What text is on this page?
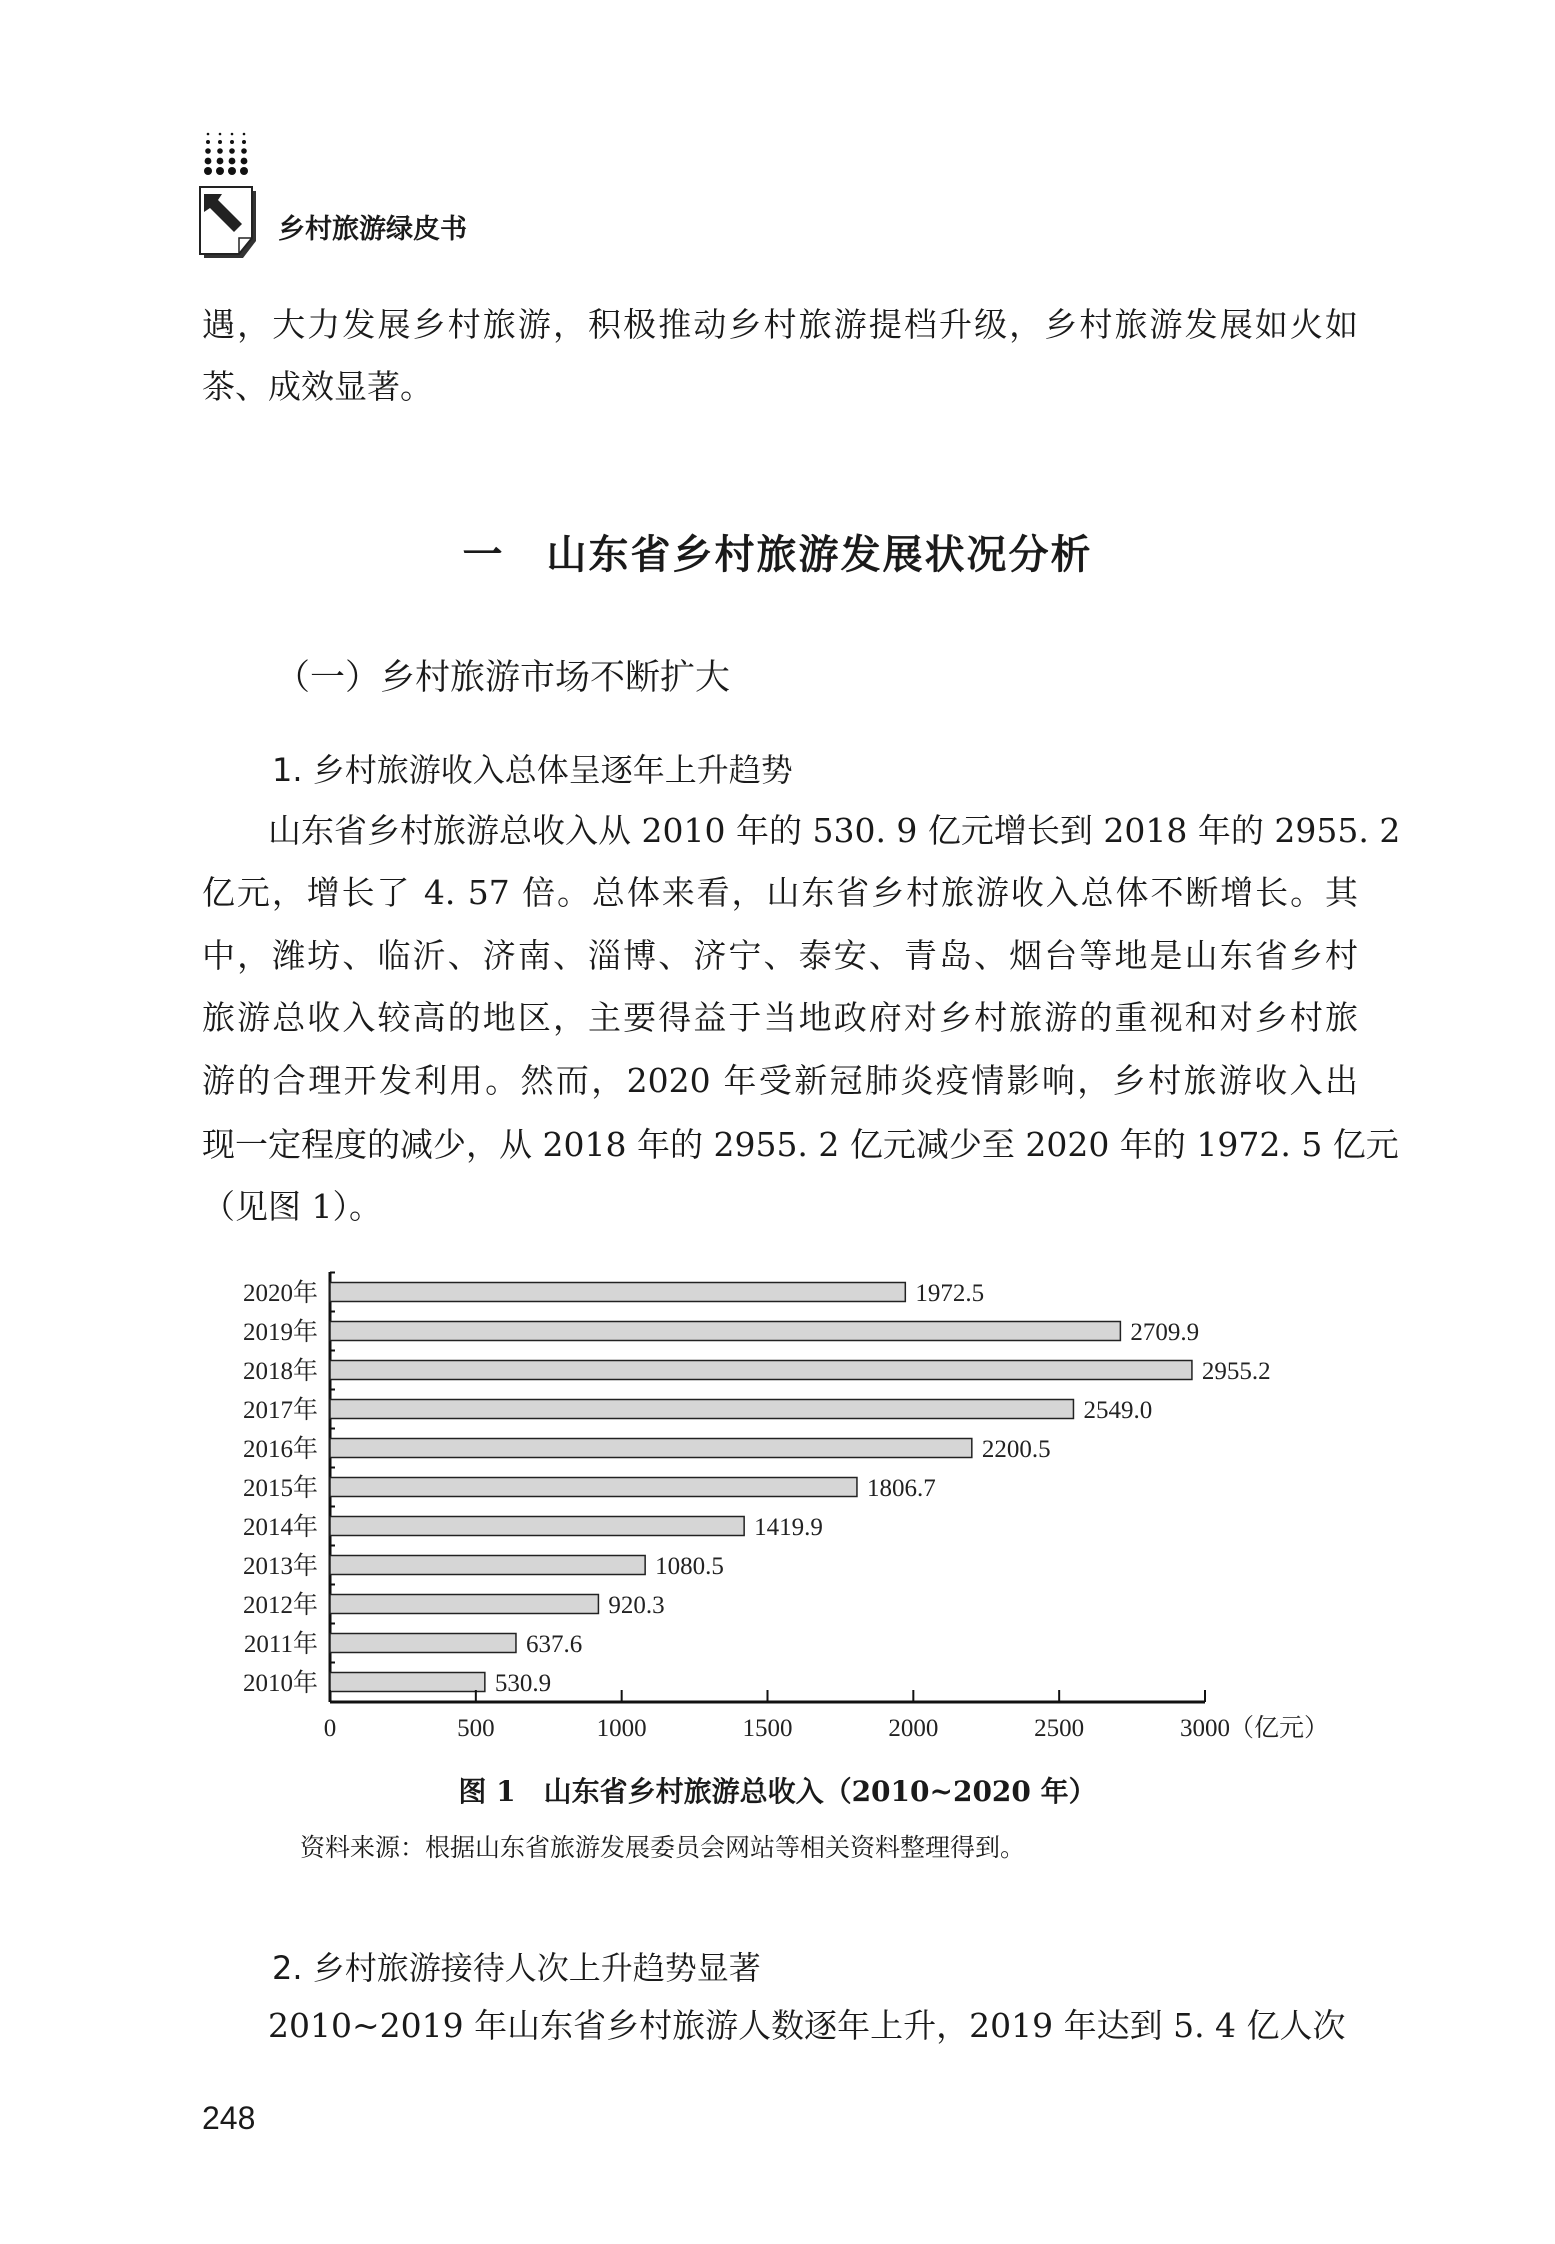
乡村旅游绿皮书
遇，大力发展乡村旅游，积极推动乡村旅游提档升级，乡村旅游发展如火如
茶、成效显著。
一　山东省乡村旅游发展状况分析
（一）乡村旅游市场不断扩大
1. 乡村旅游收入总体呈逐年上升趋势
　　山东省乡村旅游总收入从 2010 年的 530. 9 亿元增长到 2018 年的 2955. 2
亿元，增长了 4. 57 倍。总体来看，山东省乡村旅游收入总体不断增长。其
中，潍坊、临沂、济南、淄博、济宁、泰安、青岛、烟台等地是山东省乡村
旅游总收入较高的地区，主要得益于当地政府对乡村旅游的重视和对乡村旅
游的合理开发利用。然而，2020 年受新冠肺炎疫情影响，乡村旅游收入出
现一定程度的减少，从 2018 年的 2955. 2 亿元减少至 2020 年的 1972. 5 亿元
（见图 1）。
2020年	1972.5
2019年	2709.9
2018年	2955.2
2017年	2549.0
2016年	2200.5
2015年	1806.7
2014年	1419.9
2013年	1080.5
2012年	920.3
2011年	637.6
2010年	530.9
0	500	1000	1500	2000	2500	3000 （亿元）
图 1　山东省乡村旅游总收入（2010~2020 年）
资料来源：根据山东省旅游发展委员会网站等相关资料整理得到。
2. 乡村旅游接待人次上升趋势显著
　　2010~2019 年山东省乡村旅游人数逐年上升，2019 年达到 5. 4 亿人次
248
